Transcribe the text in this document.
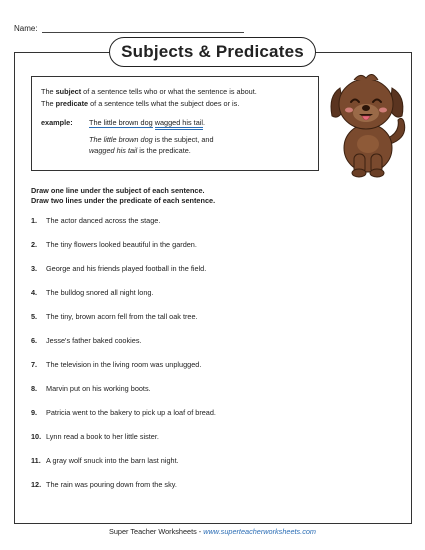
Name:
Subjects & Predicates
The subject of a sentence tells who or what the sentence is about.
The predicate of a sentence tells what the subject does or is.
example:	The little brown dog wagged his tail.
The little brown dog is the subject, and
wagged his tail is the predicate.
Draw one line under the subject of each sentence.
Draw two lines under the predicate of each sentence.
1.	The actor danced across the stage.
2.	The tiny flowers looked beautiful in the garden.
3.	George and his friends played football in the field.
4.	The bulldog snored all night long.
5.	The tiny, brown acorn fell from the tall oak tree.
6.	Jesse's father baked cookies.
7.	The television in the living room was unplugged.
8.	Marvin put on his working boots.
9.	Patricia went to the bakery to pick up a loaf of bread.
10. Lynn read a book to her little sister.
11. A gray wolf snuck into the barn last night.
12. The rain was pouring down from the sky.
Super Teacher Worksheets - www.superteacherworksheets.com
